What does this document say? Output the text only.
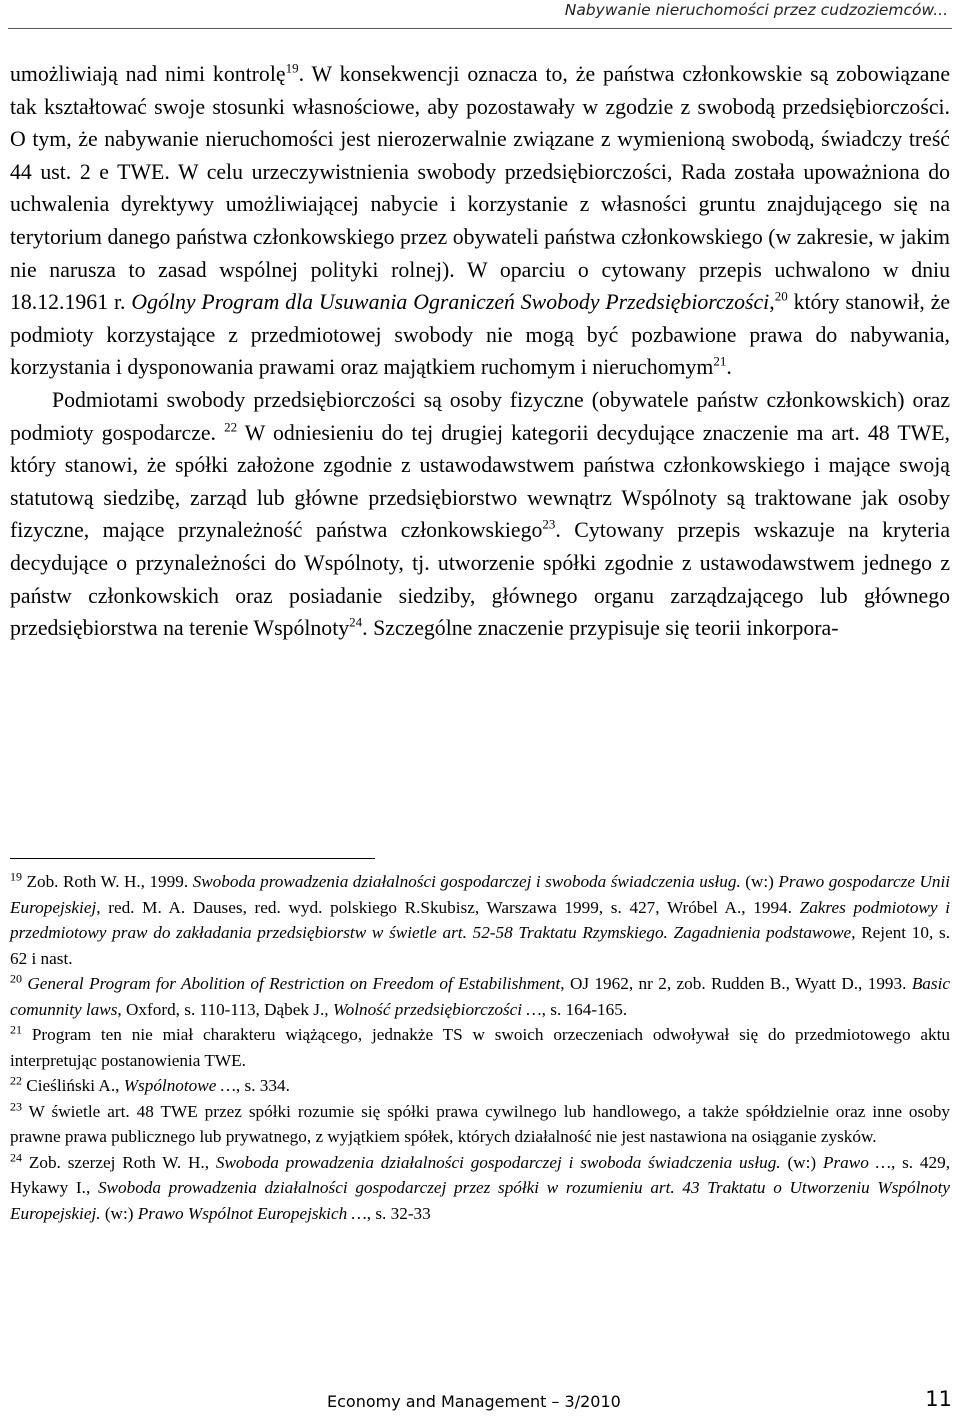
Nabywanie nieruchomości przez cudzoziemców...

umożliwiają nad nimi kontrolę$^{19}$. W konsekwencji oznacza to, że państwa członkowskie są zobowiązane tak kształtować swoje stosunki własnościowe, aby pozostawały w zgodzie z swobodą przedsiębiorczości. O tym, że nabywanie nieruchomości jest nierozerwalnie związane z wymienioną swobodą, świadczy treść 44 ust. 2 e TWE. W celu urzeczywistnienia swobody przedsiębiorczości, Rada została upoważniona do uchwalenia dyrektywy umożliwiającej nabycie i korzystanie z własności gruntu znajdującego się na terytorium danego państwa członkowskiego przez obywateli państwa członkowskiego (w zakresie, w jakim nie narusza to zasad wspólnej polityki rolnej). W oparciu o cytowany przepis uchwalono w dniu 18.12.1961 r. Ogólny Program dla Usuwania Ograniczeń Swobody Przedsiębiorczości,$^{20}$ który stanowił, że podmioty korzystające z przedmiotowej swobody nie mogą być pozbawione prawa do nabywania, korzystania i dysponowania prawami oraz majątkiem ruchomym i nieruchomym$^{21}$.

Podmiotami swobody przedsiębiorczości są osoby fizyczne (obywatele państw członkowskich) oraz podmioty gospodarcze. $^{22}$ W odniesieniu do tej drugiej kategorii decydujące znaczenie ma art. 48 TWE, który stanowi, że spółki założone zgodnie z ustawodawstwem państwa członkowskiego i mające swoją statutową siedzibę, zarząd lub główne przedsiębiorstwo wewnątrz Wspólnoty są traktowane jak osoby fizyczne, mające przynależność państwa członkowskiego$^{23}$. Cytowany przepis wskazuje na kryteria decydujące o przynależności do Wspólnoty, tj. utworzenie spółki zgodnie z ustawodawstwem jednego z państw członkowskich oraz posiadanie siedziby, głównego organu zarządzającego lub głównego przedsiębiorstwa na terenie Wspólnoty$^{24}$. Szczególne znaczenie przypisuje się teorii inkorpora-

$^{19}$ Zob. Roth W. H., 1999. Swoboda prowadzenia działalności gospodarczej i swoboda świadczenia usług. (w:) Prawo gospodarcze Unii Europejskiej, red. M. A. Dauses, red. wyd. polskiego R.Skubisz, Warszawa 1999, s. 427, Wróbel A., 1994. Zakres podmiotowy i przedmiotowy praw do zakładania przedsiębiorstw w świetle art. 52-58 Traktatu Rzymskiego. Zagadnienia podstawowe, Rejent 10, s. 62 i nast.

$^{20}$ General Program for Abolition of Restriction on Freedom of Estabilishment, OJ 1962, nr 2, zob. Rudden B., Wyatt D., 1993. Basic comunnity laws, Oxford, s. 110-113, Dąbek J., Wolność przedsiębiorczości …, s. 164-165.

$^{21}$ Program ten nie miał charakteru wiążącego, jednakże TS w swoich orzeczeniach odwoływał się do przedmiotowego aktu interpretując postanowienia TWE.

$^{22}$ Cieśliński A., Wspólnotowe …, s. 334.

$^{23}$ W świetle art. 48 TWE przez spółki rozumie się spółki prawa cywilnego lub handlowego, a także spółdzielnie oraz inne osoby prawne prawa publicznego lub prywatnego, z wyjątkiem spółek, których działalność nie jest nastawiona na osiąganie zysków.

$^{24}$ Zob. szerzej Roth W. H., Swoboda prowadzenia działalności gospodarczej i swoboda świadczenia usług. (w:) Prawo …, s. 429, Hykawy I., Swoboda prowadzenia działalności gospodarczej przez spółki w rozumieniu art. 43 Traktatu o Utworzeniu Wspólnoty Europejskiej. (w:) Prawo Wspólnot Europejskich …, s. 32-33

Economy and Management – 3/2010	11
